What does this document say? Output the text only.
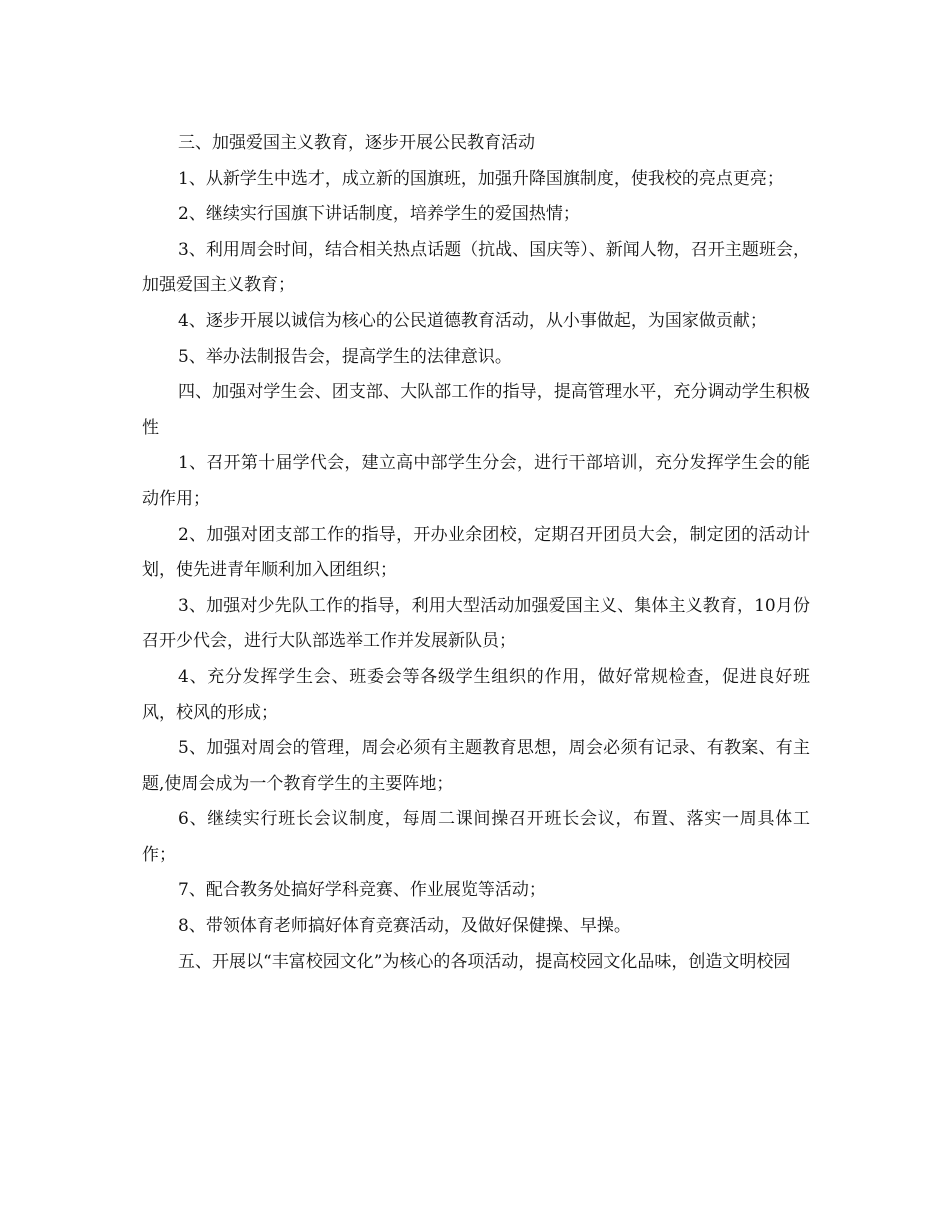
三、加强爱国主义教育，逐步开展公民教育活动

1、从新学生中选才，成立新的国旗班，加强升降国旗制度，使我校的亮点更亮；

2、继续实行国旗下讲话制度，培养学生的爱国热情；

3、利用周会时间，结合相关热点话题（抗战、国庆等）、新闻人物，召开主题班会，加强爱国主义教育；

4、逐步开展以诚信为核心的公民道德教育活动，从小事做起，为国家做贡献；

5、举办法制报告会，提高学生的法律意识。

四、加强对学生会、团支部、大队部工作的指导，提高管理水平，充分调动学生积极性

1、召开第十届学代会，建立高中部学生分会，进行干部培训，充分发挥学生会的能动作用；

2、加强对团支部工作的指导，开办业余团校，定期召开团员大会，制定团的活动计划，使先进青年顺利加入团组织；

3、加强对少先队工作的指导，利用大型活动加强爱国主义、集体主义教育，10月份召开少代会，进行大队部选举工作并发展新队员；

4、充分发挥学生会、班委会等各级学生组织的作用，做好常规检查，促进良好班风，校风的形成；

5、加强对周会的管理，周会必须有主题教育思想，周会必须有记录、有教案、有主题,使周会成为一个教育学生的主要阵地；

6、继续实行班长会议制度，每周二课间操召开班长会议，布置、落实一周具体工作；

7、配合教务处搞好学科竞赛、作业展览等活动；

8、带领体育老师搞好体育竞赛活动，及做好保健操、早操。

五、开展以“丰富校园文化”为核心的各项活动，提高校园文化品味，创造文明校园
